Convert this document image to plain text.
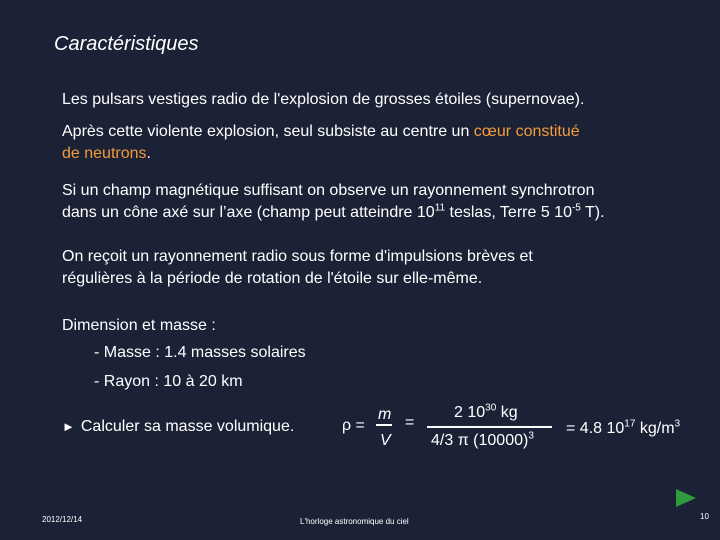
Caractéristiques
Les pulsars vestiges radio de l'explosion de grosses étoiles (supernovae).
Après cette violente explosion, seul subsiste au centre un cœur constitué
de neutrons.
Si un champ magnétique suffisant on observe un rayonnement synchrotron
dans un cône axé sur l’axe (champ peut atteindre $10^{11}$ teslas, Terre 5 $10^{-5}$ T).
On reçoit un rayonnement radio sous forme d'impulsions brèves et
régulières à la période de rotation de l'étoile sur elle-même.
Dimension et masse :
- Masse : 1.4 masses solaires
- Rayon : 10 à 20 km
► Calculer sa masse volumique.	ρ =
m
V
=
2 $10^{30}$ kg
4/3 π $(10000)^3 = 4.8$ $10^{17}$ $kg/m^3$
2012/12/14	L'horloge astronomique du ciel
10
